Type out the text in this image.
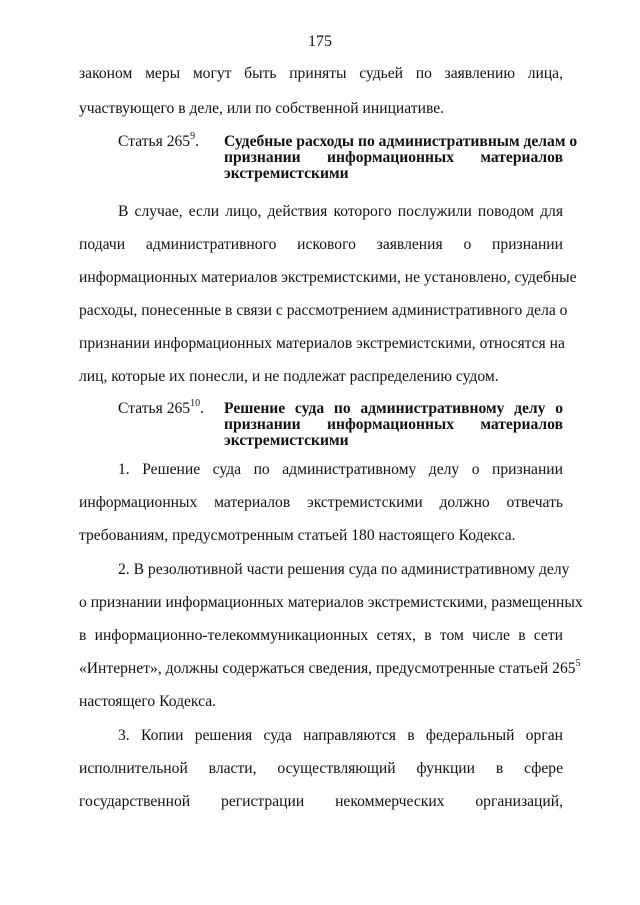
175
законом меры могут быть приняты судьей по заявлению лица,
участвующего в деле, или по собственной инициативе.
Статья $265^9$. Судебные расходы по административным делам о
признании информационных материалов
экстремистскими
В случае, если лицо, действия которого послужили поводом для
подачи административного искового заявления о признании
информационных материалов экстремистскими, не установлено, судебные
расходы, понесенные в связи с рассмотрением административного дела о
признании информационных материалов экстремистскими, относятся на
лиц, которые их понесли, и не подлежат распределению судом.
Статья $265^{10}$. Решение суда по административному делу о
признании информационных материалов
экстремистскими
1. Решение суда по административному делу о признании
информационных материалов экстремистскими должно отвечать
требованиям, предусмотренным статьей 180 настоящего Кодекса.
2. В резолютивной части решения суда по административному делу
о признании информационных материалов экстремистскими, размещенных
в информационно-телекоммуникационных сетях, в том числе в сети
«Интернет», должны содержаться сведения, предусмотренные статьей $265^5$
настоящего Кодекса.
3. Копии решения суда направляются в федеральный орган
исполнительной власти, осуществляющий функции в сфере
государственной регистрации некоммерческих организаций,
